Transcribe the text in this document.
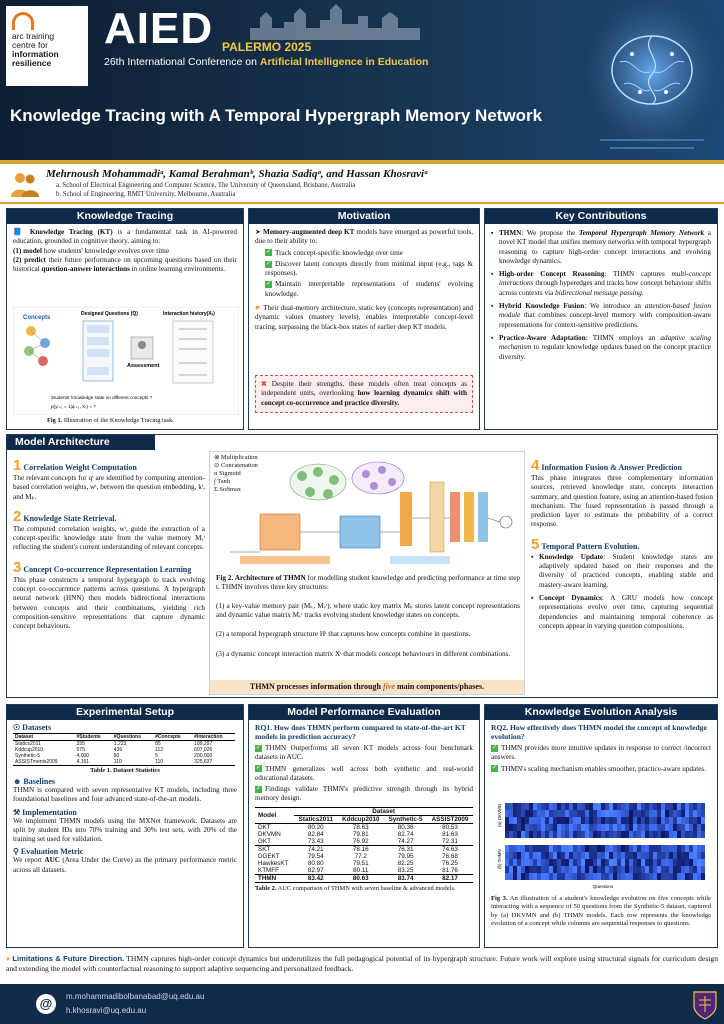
arc training
centre for
information
resilience
AIED PALERMO 2025
26th International Conference on Artificial Intelligence in Education
Knowledge Tracing with A Temporal Hypergraph Memory Network
Mehrnoush Mohammadiᵃ, Kamal Berahmanᵇ, Shazia Sadiqᵃ, and Hassan Khosraviᵃ
a. School of Electrical Engineering and Computer Science, The University of Queensland, Brisbane, Australia
b. School of Engineering, RMIT University, Melbourne, Australia
Knowledge Tracing
📘 Knowledge Tracing (KT) is a fundamental task in AI-powered education, grounded in cognitive theory, aiming to:
(1) model how students' knowledge evolves over time
(2) predict their future performance on upcoming questions based on their historical question-answer interactions in online learning environments.
Concepts
Designed Questions (Q)
Assessment
Interaction history(Xₜ)
Students' knowledge state on different concepts ?
p(yₜ₊₁ = 1|qₜ₊₁, Xₜ) = ?
Fig 1. Illustration of the Knowledge Tracing task.
Motivation
➤ Memory-augmented deep KT models have emerged as powerful tools, due to their ability to:
✓Track concept-specific knowledge over time
✓Discover latent concepts directly from minimal input (e.g., tags & responses).
✓Maintain interpretable representations of students' evolving knowledge.
☛ Their dual-memory architecture, static key (concepts representation) and dynamic values (mastery levels), enables interpretable concept-level tracing, surpassing the black-box states of earlier deep KT models.
✖ Despite their strengths, these models often treat concepts as independent units, overlooking how learning dynamics shift with concept co-occurrence and practice diversity.
Key Contributions
▪ THMN: We propose the Temporal Hypergraph Memory Network a novel KT model that unifies memory networks with temporal hypergraph reasoning to capture high-order concept interactions and evolving knowledge dynamics.
▪ High-order Concept Reasoning: THMN captures multi-concept interactions through hyperedges and tracks how concept behaviour shifts across contexts via bidirectional message passing.
▪ Hybrid Knowledge Fusion: We introduce an attention-based fusion module that combines concept-level memory with composition-aware representations for context-sensitive predictions.
▪ Practice-Aware Adaptation: THMN employs an adaptive scaling mechanism to regulate knowledge updates based on the concept practice diversity.
Model Architecture
1 Correlation Weight Computation
The relevant concepts for qᵗ are identified by computing attention-based correlation weights, wᵗ, between the question embedding, kᵗ, and Mₖ.
2 Knowledge State Retrieval.
The computed correlation weights, wᵗ, guide the extraction of a concept-specific knowledge state from the value memory Mᵥᵗ reflecting the student's current understanding of relevant concepts.
3 Concept Co-occurrence Representation Learning
This phase constructs a temporal hypergraph to track evolving concept co-occurrence patterns across questions. A hypergraph neural network (HNN) then models bidirectional interactions between concepts and their combinations, yielding rich composition-sensitive representations that capture dynamic concept behaviours.
⊗ Multiplication
⊙ Concatenation
σ Sigmoid
∫ Tanh
Σ Softmax
Fig 2. Architecture of THMN for modelling student knowledge and predicting performance at time step t. THMN involves three key structures:
(1) a key-value memory pair (Mₖ, Mᵥᵗ), where static key matrix Mₖ stores latent concept representations and dynamic value matrix Mᵥᵗ tracks evolving student knowledge states on concepts.
(2) a temporal hypergraph structure Hᵗ that captures how concepts combine in questions.
(3) a dynamic concept interaction matrix Xᵗ that models concept behaviours in different combinations.
THMN processes information through five main components/phases.
4 Information Fusion & Answer Prediction
This phase integrates three complementary information sources, retrieved knowledge state, concepts interaction summary, and question feature, using an attention-based fusion mechanism. The fused representation is passed through a prediction layer to estimate the probability of a correct response.
5 Temporal Pattern Evolution.
▪ Knowledge Update: Student knowledge states are adaptively updated based on their responses and the diversity of practiced concepts, enabling stable and mastery-aware learning.
▪ Concept Dynamics: A GRU models how concept representations evolve over time, capturing sequential dependencies and maintaining temporal coherence as concepts appear in varying question compositions.
Experimental Setup
☉ Datasets
Dataset	#Students	#Questions	#Concepts	#Interaction
Statics2011	335	1,223	85	189,297
Kddcup2010	575	436	112	607,026
Synthetic-5	4,000	50	5	200,000
ASSISTments2009	4,151	110	110	325,637
Table 1. Dataset Statistics
☻ Baselines
THMN is compared with seven representative KT models, including three foundational baselines and four advanced state-of-the-art models.
⚒ Implementation
We implement THMN models using the MXNet framework. Datasets are split by student IDs into 70% training and 30% test sets, with 20% of the training set used for validation.
⚲ Evaluation Metric
We report AUC (Area Under the Curve) as the primary performance metric across all datasets.
Model Performance Evaluation
RQ1. How does THMN perform compared to state-of-the-art KT models in prediction accuracy?
✓THMN Outperforms all seven KT models across four benchmark datasets in AUC.
✓THMN generalizes well across both synthetic and real-world educational datasets.
✓Findings validate THMN's predictive strength through its hybrid memory design.
Model	Dataset			
	Statics2011	Kddcup2010	Synthetic-5	ASSIST2009
DKT	80.20	78.63	80.36	80.53
DKVMN	82.84	79.81	82.74	81.63
GKT	73.43	76.92	74.27	72.31
SKT	74.21	78.16	76.31	74.63
DGEKT	79.54	77.2	79.95	76.68
HawkesKT	80.80	79.51	82.25	76.25
KTMFF	82.97	80.11	83.25	81.76
THMN	83.42	80.63	83.74	82.17
Table 2. AUC comparison of THMN with seven baseline & advanced models.
Knowledge Evolution Analysis
RQ2. How effectively does THMN model the concept of knowledge evolution?
✓THMN provides more intuitive updates in response to correct /incorrect answers.
✓THMN's scaling mechanism enables smoother, practice-aware updates.
(a) DKVMN
(b) THMN
Questions
Fig 3. An illustration of a student's knowledge evolution on five concepts while interacting with a sequence of 50 questions from the Synthetic-5 dataset, captured by (a) DKVMN and (b) THMN models. Each row represents the knowledge evolution of a concept while columns are sequential responses to questions.
♦ Limitations & Future Direction. THMN captures high-order concept dynamics but underutilizes the full pedagogical potential of its hypergraph structure. Future work will explore using structural signals for curriculum design and extending the model with counterfactual reasoning to support adaptive sequencing and personalized feedback.
@	m.mohammadibolbanabad@uq.edu.au
h.khosravi@uq.edu.au
